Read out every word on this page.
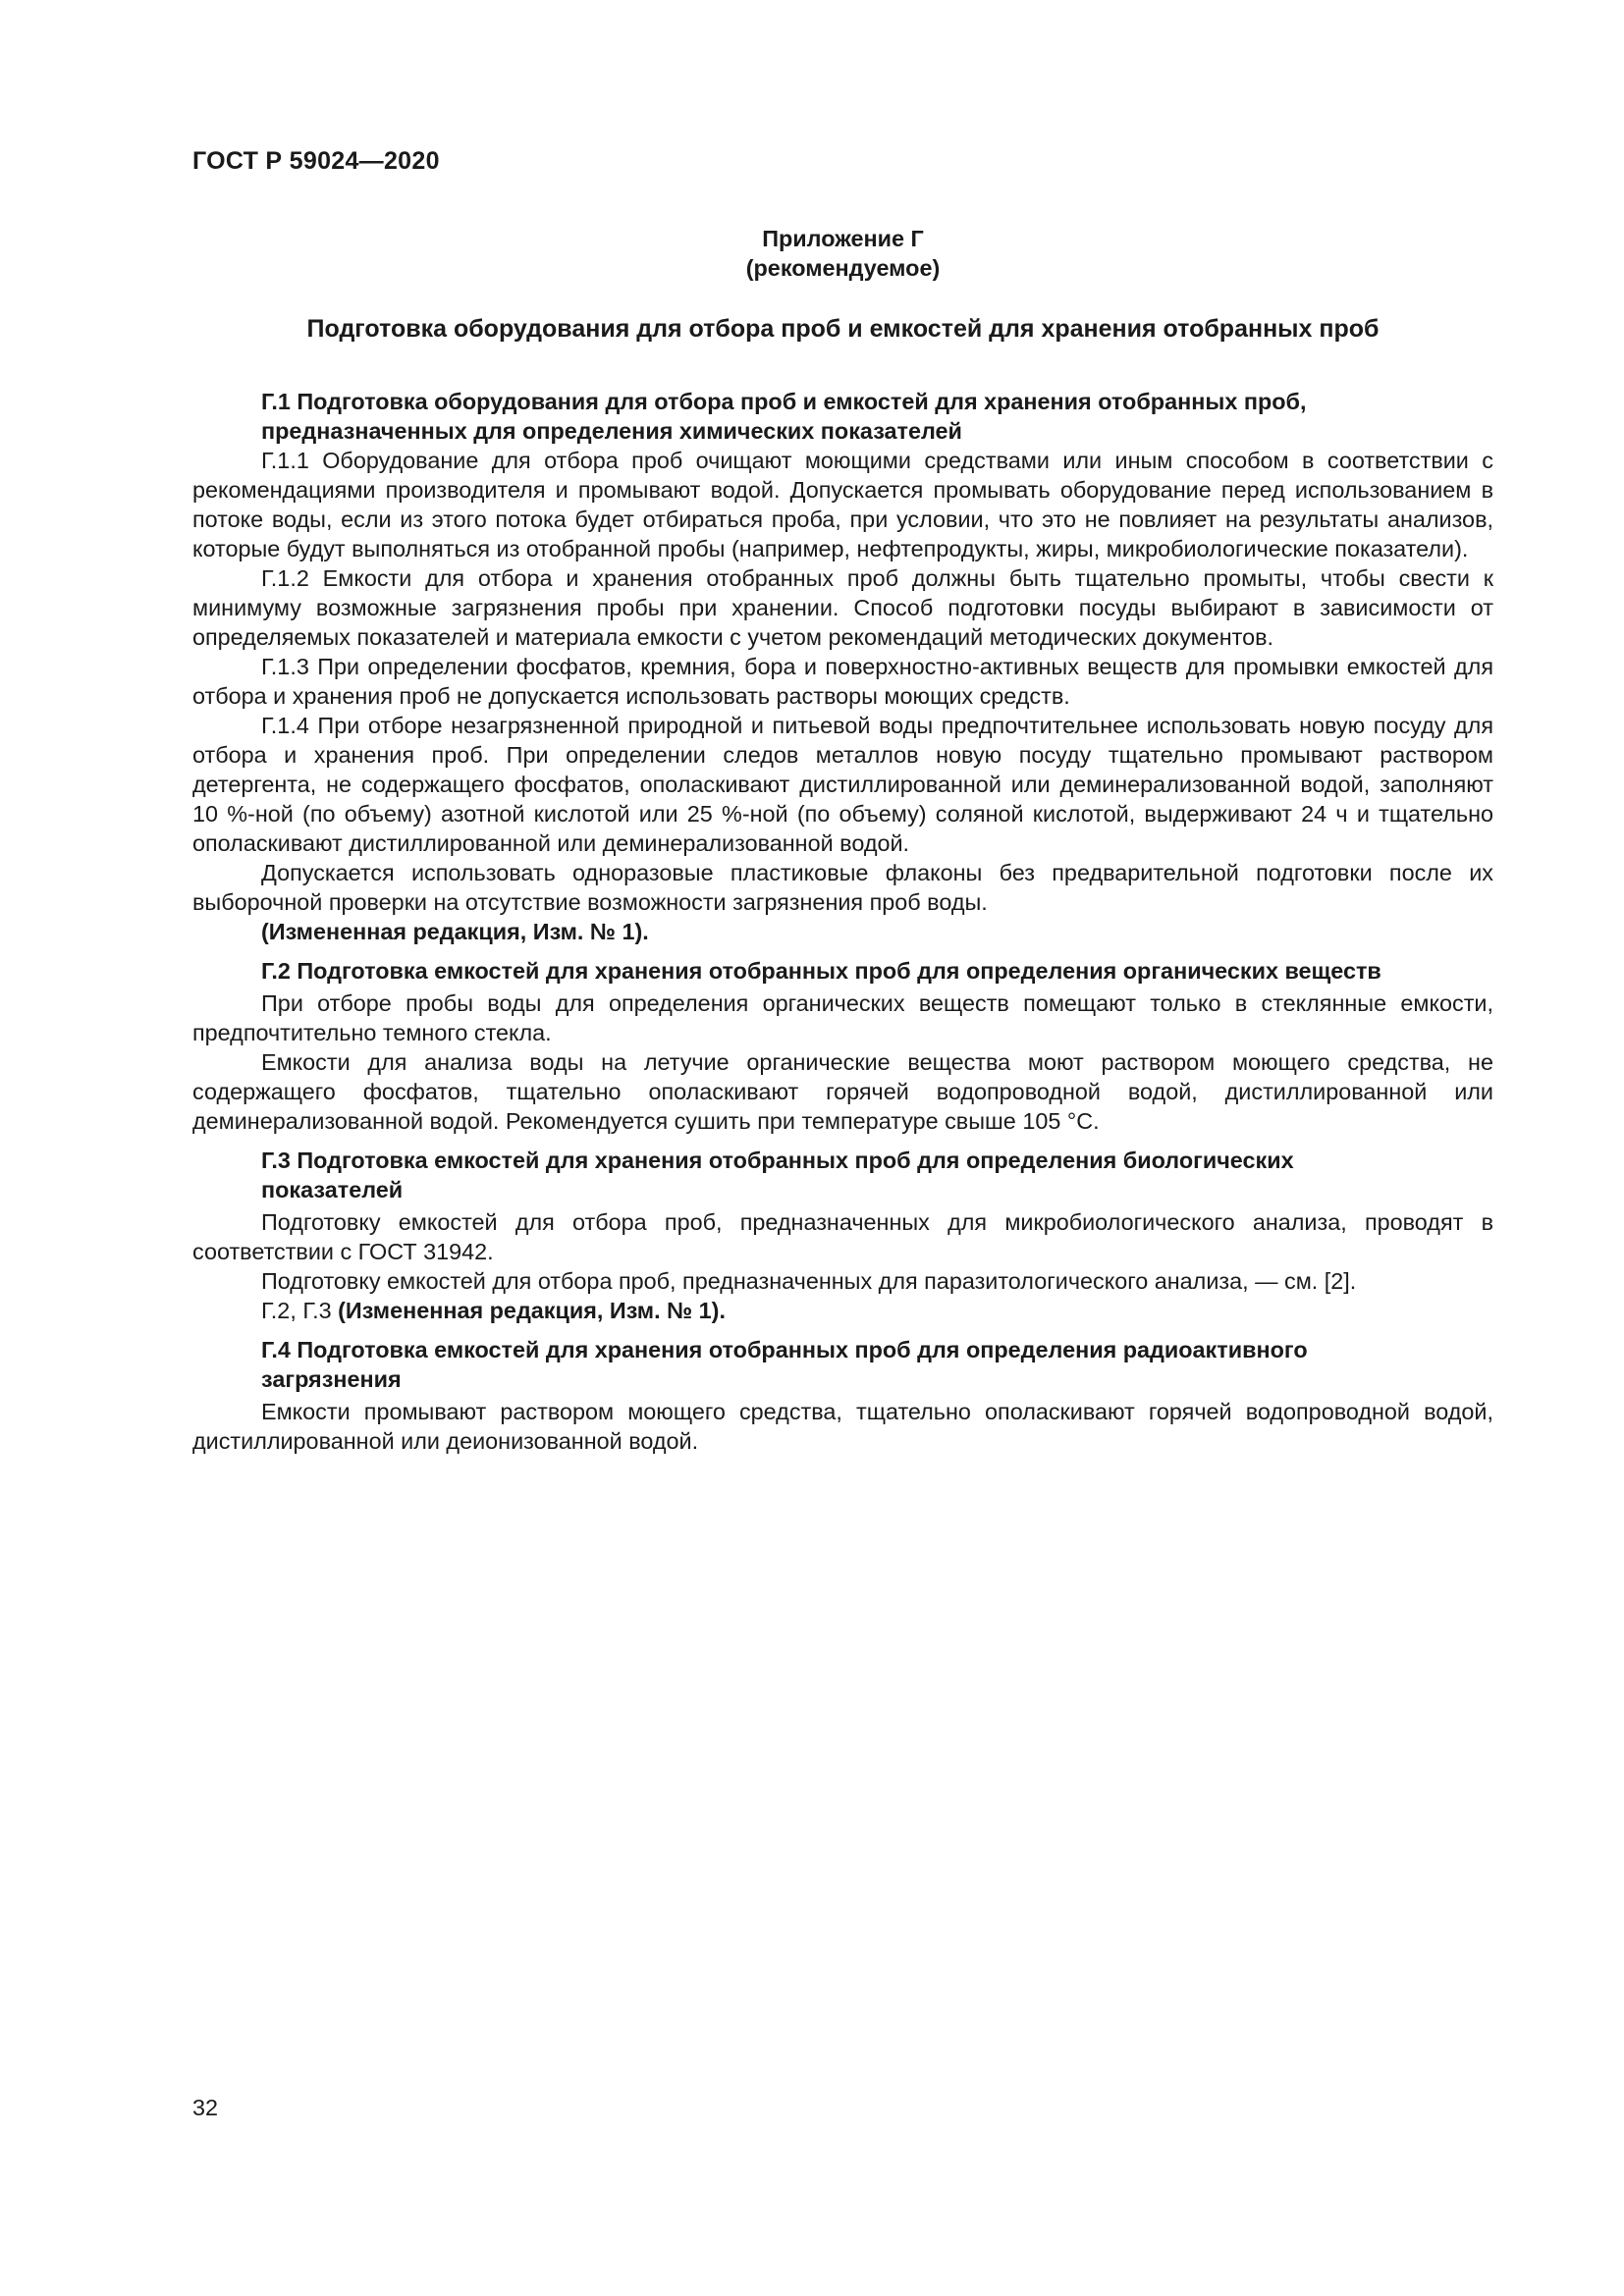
ГОСТ Р 59024—2020

Приложение Г

(рекомендуемое)

Подготовка оборудования для отбора проб и емкостей для хранения отобранных проб

Г.1 Подготовка оборудования для отбора проб и емкостей для хранения отобранных проб, предназначенных для определения химических показателей

Г.1.1 Оборудование для отбора проб очищают моющими средствами или иным способом в соответствии с рекомендациями производителя и промывают водой. Допускается промывать оборудование перед использованием в потоке воды, если из этого потока будет отбираться проба, при условии, что это не повлияет на результаты анализов, которые будут выполняться из отобранной пробы (например, нефтепродукты, жиры, микробиологические показатели).

Г.1.2 Емкости для отбора и хранения отобранных проб должны быть тщательно промыты, чтобы свести к минимуму возможные загрязнения пробы при хранении. Способ подготовки посуды выбирают в зависимости от определяемых показателей и материала емкости с учетом рекомендаций методических документов.

Г.1.3 При определении фосфатов, кремния, бора и поверхностно-активных веществ для промывки емкостей для отбора и хранения проб не допускается использовать растворы моющих средств.

Г.1.4 При отборе незагрязненной природной и питьевой воды предпочтительнее использовать новую посуду для отбора и хранения проб. При определении следов металлов новую посуду тщательно промывают раствором детергента, не содержащего фосфатов, ополаскивают дистиллированной или деминерализованной водой, заполняют 10 %-ной (по объему) азотной кислотой или 25 %-ной (по объему) соляной кислотой, выдерживают 24 ч и тщательно ополаскивают дистиллированной или деминерализованной водой.

Допускается использовать одноразовые пластиковые флаконы без предварительной подготовки после их выборочной проверки на отсутствие возможности загрязнения проб воды.

(Измененная редакция, Изм. № 1).

Г.2 Подготовка емкостей для хранения отобранных проб для определения органических веществ

При отборе пробы воды для определения органических веществ помещают только в стеклянные емкости, предпочтительно темного стекла.

Емкости для анализа воды на летучие органические вещества моют раствором моющего средства, не содержащего фосфатов, тщательно ополаскивают горячей водопроводной водой, дистиллированной или деминерализованной водой. Рекомендуется сушить при температуре свыше 105 °С.

Г.3 Подготовка емкостей для хранения отобранных проб для определения биологических показателей

Подготовку емкостей для отбора проб, предназначенных для микробиологического анализа, проводят в соответствии с ГОСТ 31942.

Подготовку емкостей для отбора проб, предназначенных для паразитологического анализа, — см. [2].

Г.2, Г.3 (Измененная редакция, Изм. № 1).

Г.4 Подготовка емкостей для хранения отобранных проб для определения радиоактивного загрязнения

Емкости промывают раствором моющего средства, тщательно ополаскивают горячей водопроводной водой, дистиллированной или деионизованной водой.

32
